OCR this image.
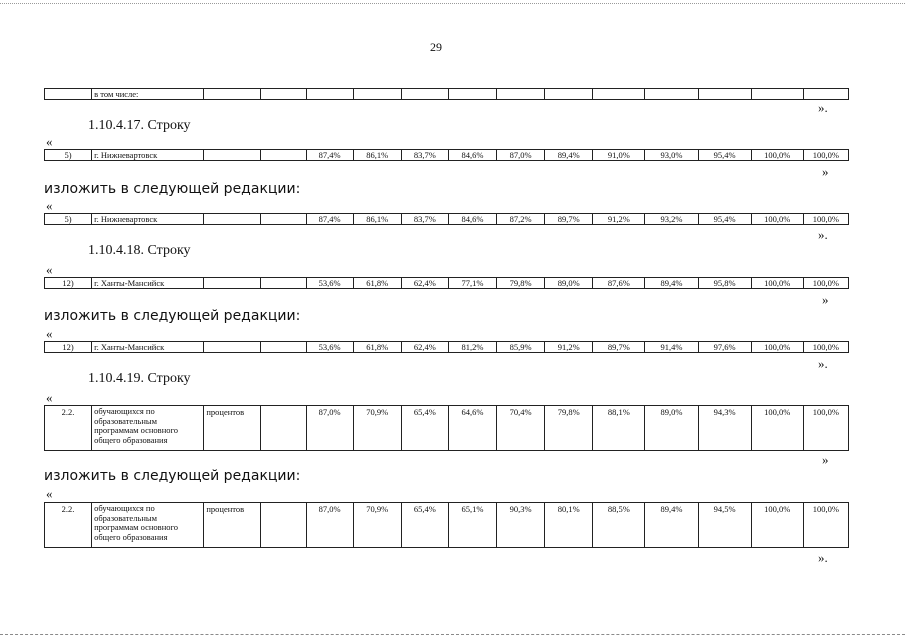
29
	в том числе:													
».
1.10.4.17. Строку
«
5)	г. Нижневартовск			87,4%	86,1%	83,7%	84,6%	87,0%	89,4%	91,0%	93,0%	95,4%	100,0%	100,0%
»
изложить в следующей редакции:
«
5)	г. Нижневартовск			87,4%	86,1%	83,7%	84,6%	87,2%	89,7%	91,2%	93,2%	95,4%	100,0%	100,0%
».
1.10.4.18. Строку
«
12)	г. Ханты-Мансийск			53,6%	61,8%	62,4%	77,1%	79,8%	89,0%	87,6%	89,4%	95,8%	100,0%	100,0%
»
изложить в следующей редакции:
«
12)	г. Ханты-Мансийск			53,6%	61,8%	62,4%	81,2%	85,9%	91,2%	89,7%	91,4%	97,6%	100,0%	100,0%
».
1.10.4.19. Строку
«
2.2.	обучающихся по образовательным программам основного общего образования	процентов		87,0%	70,9%	65,4%	64,6%	70,4%	79,8%	88,1%	89,0%	94,3%	100,0%	100,0%
»
изложить в следующей редакции:
«
2.2.	обучающихся по образовательным программам основного общего образования	процентов		87,0%	70,9%	65,4%	65,1%	90,3%	80,1%	88,5%	89,4%	94,5%	100,0%	100,0%
».
